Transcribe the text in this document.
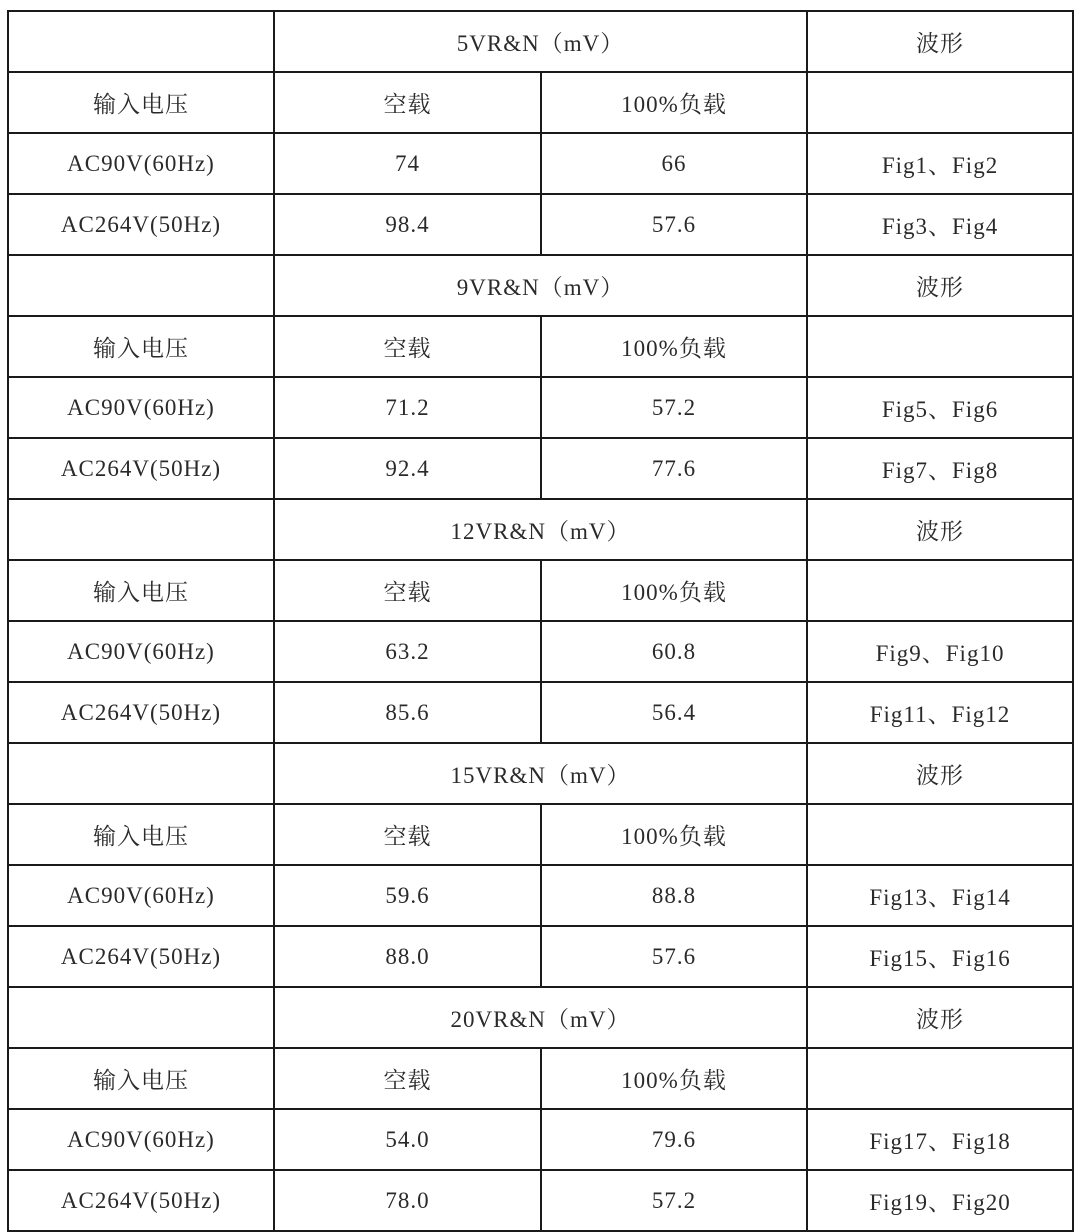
	5VR&N（mV）		波形
输入电压	空载	100%负载	
AC90V(60Hz)	74	66	Fig1、Fig2
AC264V(50Hz)	98.4	57.6	Fig3、Fig4
	9VR&N（mV）		波形
输入电压	空载	100%负载	
AC90V(60Hz)	71.2	57.2	Fig5、Fig6
AC264V(50Hz)	92.4	77.6	Fig7、Fig8
	12VR&N（mV）		波形
输入电压	空载	100%负载	
AC90V(60Hz)	63.2	60.8	Fig9、Fig10
AC264V(50Hz)	85.6	56.4	Fig11、Fig12
	15VR&N（mV）		波形
输入电压	空载	100%负载	
AC90V(60Hz)	59.6	88.8	Fig13、Fig14
AC264V(50Hz)	88.0	57.6	Fig15、Fig16
	20VR&N（mV）		波形
输入电压	空载	100%负载	
AC90V(60Hz)	54.0	79.6	Fig17、Fig18
AC264V(50Hz)	78.0	57.2	Fig19、Fig20
